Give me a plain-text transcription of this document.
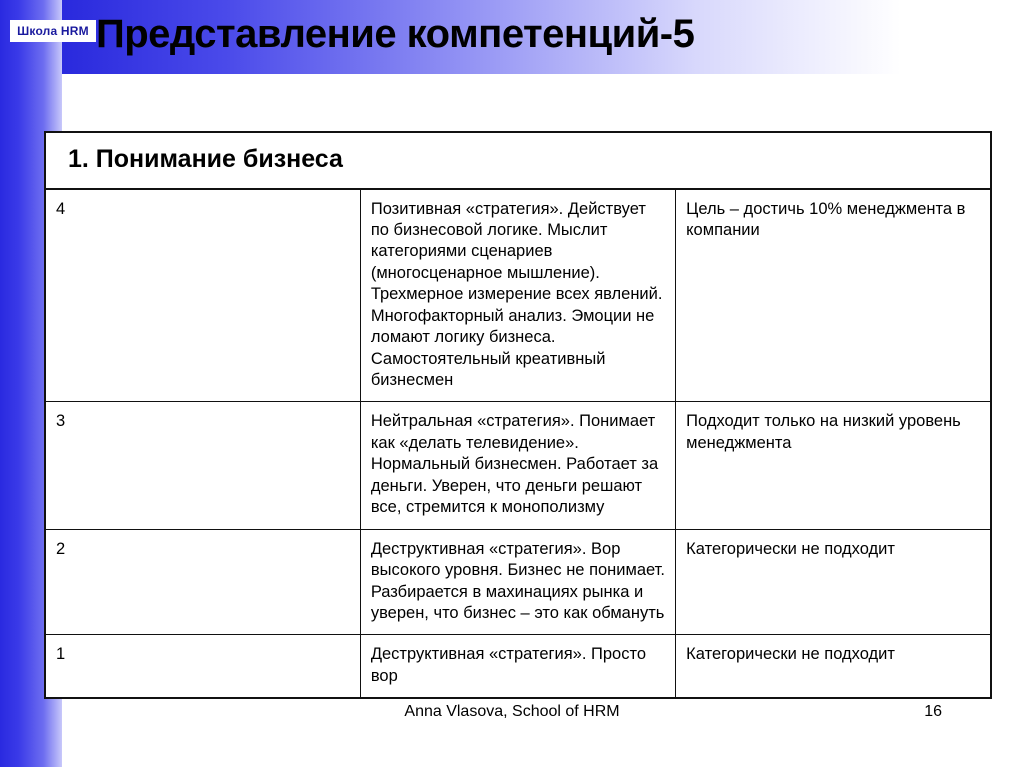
Школа HRM Представление компетенций-5
1. Понимание бизнеса		
4	Позитивная «стратегия». Действует по бизнесовой логике. Мыслит категориями сценариев (многосценарное мышление). Трехмерное измерение всех явлений. Многофакторный анализ. Эмоции не ломают логику бизнеса. Самостоятельный креативный бизнесмен	Цель – достичь 10% менеджмента в компании
3	Нейтральная «стратегия». Понимает как «делать телевидение». Нормальный бизнесмен. Работает за деньги. Уверен, что деньги решают все, стремится к монополизму	Подходит только на низкий уровень менеджмента
2	Деструктивная «стратегия». Вор высокого уровня. Бизнес не понимает. Разбирается в махинациях рынка и уверен, что бизнес – это как обмануть	Категорически не подходит
1	Деструктивная «стратегия». Просто вор	Категорически не подходит
Anna Vlasova, School of HRM	16
